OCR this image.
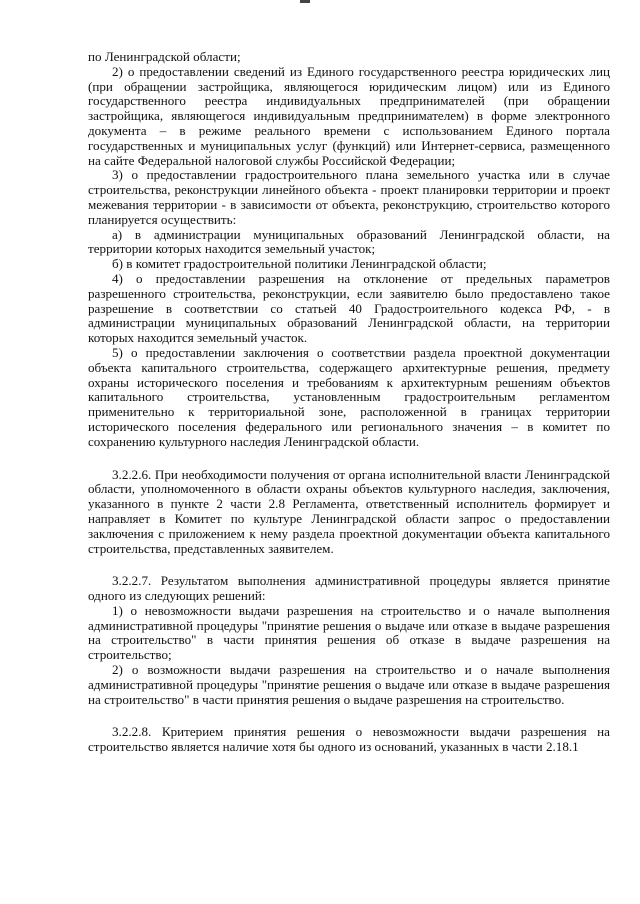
по Ленинградской области;

2) о предоставлении сведений из Единого государственного реестра юридических лиц (при обращении застройщика, являющегося юридическим лицом) или из Единого государственного реестра индивидуальных предпринимателей (при обращении застройщика, являющегося индивидуальным предпринимателем) в форме электронного документа – в режиме реального времени с использованием Единого портала государственных и муниципальных услуг (функций) или Интернет-сервиса, размещенного на сайте Федеральной налоговой службы Российской Федерации;

3) о предоставлении градостроительного плана земельного участка или в случае строительства, реконструкции линейного объекта - проект планировки территории и проект межевания территории - в зависимости от объекта, реконструкцию, строительство которого планируется осуществить:

а) в администрации муниципальных образований Ленинградской области, на территории которых находится земельный участок;

б) в комитет градостроительной политики Ленинградской области;

4) о предоставлении разрешения на отклонение от предельных параметров разрешенного строительства, реконструкции, если заявителю было предоставлено такое разрешение в соответствии со статьей 40 Градостроительного кодекса РФ, - в администрации муниципальных образований Ленинградской области, на территории которых находится земельный участок.

5) о предоставлении заключения о соответствии раздела проектной документации объекта капитального строительства, содержащего архитектурные решения, предмету охраны исторического поселения и требованиям к архитектурным решениям объектов капитального строительства, установленным градостроительным регламентом применительно к территориальной зоне, расположенной в границах территории исторического поселения федерального или регионального значения – в комитет по сохранению культурного наследия Ленинградской области.

3.2.2.6. При необходимости получения от органа исполнительной власти Ленинградской области, уполномоченного в области охраны объектов культурного наследия, заключения, указанного в пункте 2 части 2.8 Регламента, ответственный исполнитель формирует и направляет в Комитет по культуре Ленинградской области запрос о предоставлении заключения с приложением к нему раздела проектной документации объекта капитального строительства, представленных заявителем.

3.2.2.7. Результатом выполнения административной процедуры является принятие одного из следующих решений:

1) о невозможности выдачи разрешения на строительство и о начале выполнения административной процедуры "принятие решения о выдаче или отказе в выдаче разрешения на строительство" в части принятия решения об отказе в выдаче разрешения на строительство;

2) о возможности выдачи разрешения на строительство и о начале выполнения административной процедуры "принятие решения о выдаче или отказе в выдаче разрешения на строительство" в части принятия решения о выдаче разрешения на строительство.

3.2.2.8. Критерием принятия решения о невозможности выдачи разрешения на строительство является наличие хотя бы одного из оснований, указанных в части 2.18.1
